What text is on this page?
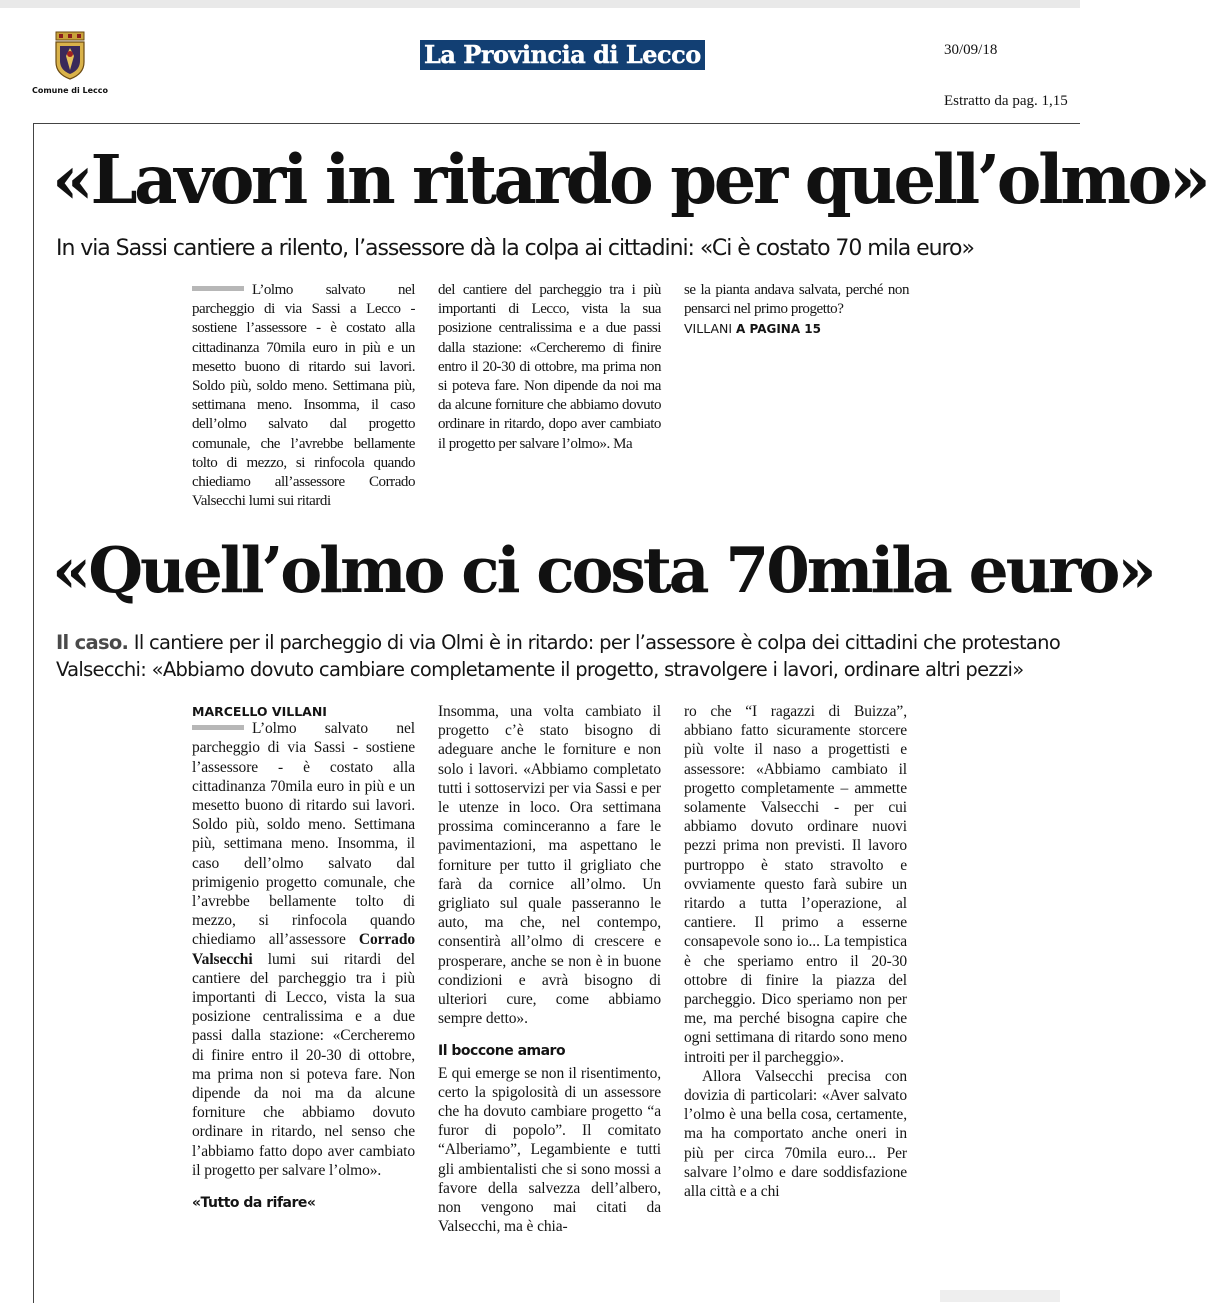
Comune di Lecco
La Provincia di Lecco	30/09/18
Estratto da pag. 1,15
«Lavori in ritardo per quell’olmo»
In via Sassi cantiere a rilento, l’assessore dà la colpa ai cittadini: «Ci è costato 70 mila euro»

L’olmo salvato nel parcheggio di via Sassi a Lecco - sostiene l’assessore - è costato alla cittadinanza 70mila euro in più e un mesetto buono di ritardo sui lavori. Soldo più, soldo meno. Settimana più, settimana meno. Insomma, il caso dell’olmo salvato dal progetto comunale, che l’avrebbe bellamente tolto di mezzo, si rinfocola quando chiediamo all’assessore Corrado Valsecchi lumi sui ritardi

del cantiere del parcheggio tra i più importanti di Lecco, vista la sua posizione centralissima e a due passi dalla stazione: «Cercheremo di finire entro il 20-30 di ottobre, ma prima non si poteva fare. Non dipende da noi ma da alcune forniture che abbiamo dovuto ordinare in ritardo, dopo aver cambiato il progetto per salvare l’olmo». Ma

se la pianta andava salvata, perché non pensarci nel primo progetto?

VILLANI A PAGINA 15

«Quell’olmo ci costa 70mila euro»
Il caso. Il cantiere per il parcheggio di via Olmi è in ritardo: per l’assessore è colpa dei cittadini che protestano
Valsecchi: «Abbiamo dovuto cambiare completamente il progetto, stravolgere i lavori, ordinare altri pezzi»
MARCELLO VILLANI

L’olmo salvato nel parcheggio di via Sassi - sostiene l’assessore - è costato alla cittadinanza 70mila euro in più e un mesetto buono di ritardo sui lavori. Soldo più, soldo meno. Settimana più, settimana meno. Insomma, il caso dell’olmo salvato dal primigenio progetto comunale, che l’avrebbe bellamente tolto di mezzo, si rinfocola quando chiediamo all’assessore Corrado Valsecchi lumi sui ritardi del cantiere del parcheggio tra i più importanti di Lecco, vista la sua posizione centralissima e a due passi dalla stazione: «Cercheremo di finire entro il 20-30 di ottobre, ma prima non si poteva fare. Non dipende da noi ma da alcune forniture che abbiamo dovuto ordinare in ritardo, nel senso che l’abbiamo fatto dopo aver cambiato il progetto per salvare l’olmo».

«Tutto da rifare«

Insomma, una volta cambiato il progetto c’è stato bisogno di adeguare anche le forniture e non solo i lavori. «Abbiamo completato tutti i sottoservizi per via Sassi e per le utenze in loco. Ora settimana prossima cominceranno a fare le pavimentazioni, ma aspettano le forniture per tutto il grigliato che farà da cornice all’olmo. Un grigliato sul quale passeranno le auto, ma che, nel contempo, consentirà all’olmo di crescere e prosperare, anche se non è in buone condizioni e avrà bisogno di ulteriori cure, come abbiamo sempre detto».

Il boccone amaro

E qui emerge se non il risentimento, certo la spigolosità di un assessore che ha dovuto cambiare progetto “a furor di popolo”. Il comitato “Alberiamo”, Legambiente e tutti gli ambientalisti che si sono mossi a favore della salvezza dell’albero, non vengono mai citati da Valsecchi, ma è chia-

ro che “I ragazzi di Buizza”, abbiano fatto sicuramente storcere più volte il naso a progettisti e assessore: «Abbiamo cambiato il progetto completamente – ammette solamente Valsecchi - per cui abbiamo dovuto ordinare nuovi pezzi prima non previsti. Il lavoro purtroppo è stato stravolto e ovviamente questo farà subire un ritardo a tutta l’operazione, al cantiere. Il primo a esserne consapevole sono io... La tempistica è che speriamo entro il 20-30 ottobre di finire la piazza del parcheggio. Dico speriamo non per me, ma perché bisogna capire che ogni settimana di ritardo sono meno introiti per il parcheggio».

Allora Valsecchi precisa con dovizia di particolari: «Aver salvato l’olmo è una bella cosa, certamente, ma ha comportato anche oneri in più per circa 70mila euro... Per salvare l’olmo e dare soddisfazione alla città e a chi
